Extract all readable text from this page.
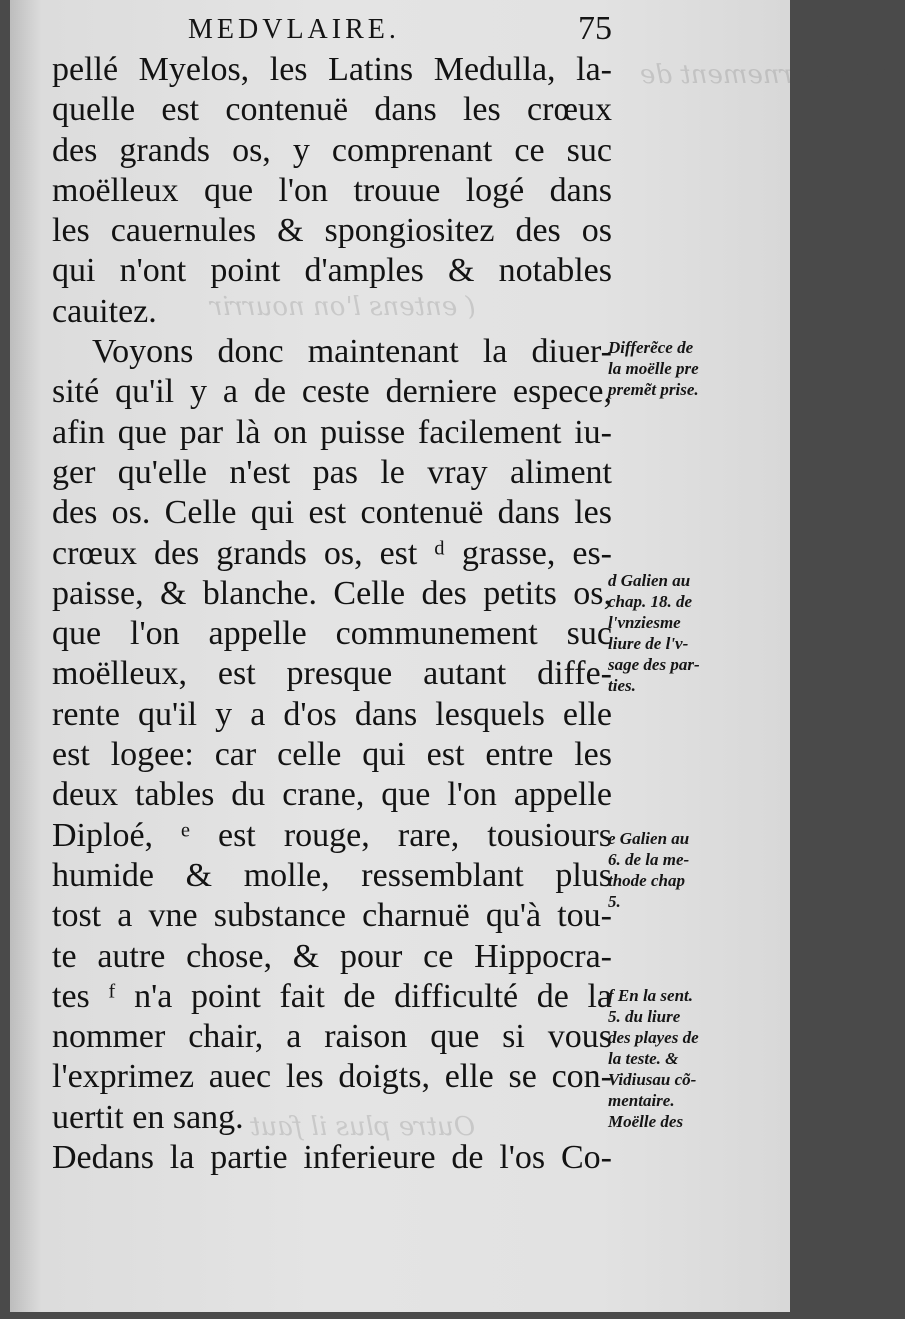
le gouuernement de
( entens l'on nourrir
Outre plus il faut
MEDVLAIRE.	75
pellé Myelos, les Latins Medulla, la-
quelle est contenuë dans les crœux
des grands os, y comprenant ce suc
moëlleux que l'on trouue logé dans
les cauernules & spongiositez des os
qui n'ont point d'amples & notables
cauitez.
Voyons donc maintenant la diuer-
sité qu'il y a de ceste derniere espece,
afin que par là on puisse facilement iu-
ger qu'elle n'est pas le vray aliment
des os. Celle qui est contenuë dans les
crœux des grands os, est ᵈ grasse, es-
paisse, & blanche. Celle des petits os,
que l'on appelle communement suc
moëlleux, est presque autant diffe-
rente qu'il y a d'os dans lesquels elle
est logee: car celle qui est entre les
deux tables du crane, que l'on appelle
Diploé, ᵉ est rouge, rare, tousiours
humide & molle, ressemblant plus
tost a vne substance charnuë qu'à tou-
te autre chose, & pour ce Hippocra-
tes ᶠ n'a point fait de difficulté de la
nommer chair, a raison que si vous
l'exprimez auec les doigts, elle se con-
uertit en sang.
Dedans la partie inferieure de l'os Co-
Differẽce de
la moëlle pre
premẽt prise.
d Galien au
chap. 18. de
l'vnziesme
liure de l'v-
sage des par-
ties.
e Galien au
6. de la me-
thode chap
5.
f En la sent.
5. du liure
des playes de
la teste. &
Vidiusau cõ-
mentaire.
Moëlle des
